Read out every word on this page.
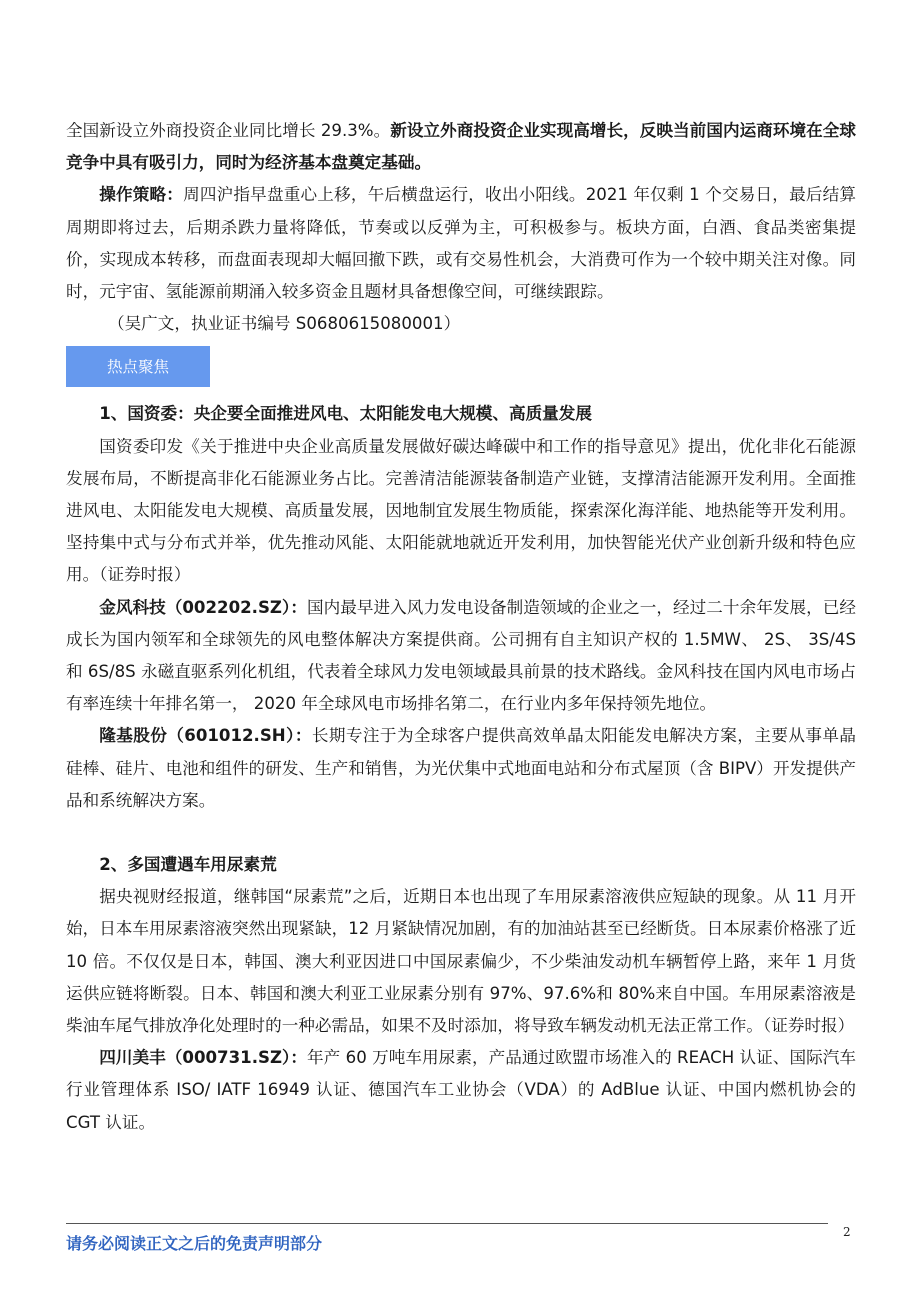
全国新设立外商投资企业同比增长 29.3%。新设立外商投资企业实现高增长，反映当前国内运商环境在全球竞争中具有吸引力，同时为经济基本盘奠定基础。

操作策略：周四沪指早盘重心上移，午后横盘运行，收出小阳线。2021 年仅剩 1 个交易日，最后结算周期即将过去，后期杀跌力量将降低，节奏或以反弹为主，可积极参与。板块方面，白酒、食品类密集提价，实现成本转移，而盘面表现却大幅回撤下跌，或有交易性机会，大消费可作为一个较中期关注对像。同时，元宇宙、氢能源前期涌入较多资金且题材具备想像空间，可继续跟踪。

（吴广文，执业证书编号 S0680615080001）

热点聚焦

1、国资委：央企要全面推进风电、太阳能发电大规模、高质量发展

国资委印发《关于推进中央企业高质量发展做好碳达峰碳中和工作的指导意见》提出，优化非化石能源发展布局，不断提高非化石能源业务占比。完善清洁能源装备制造产业链，支撑清洁能源开发利用。全面推进风电、太阳能发电大规模、高质量发展，因地制宜发展生物质能，探索深化海洋能、地热能等开发利用。坚持集中式与分布式并举，优先推动风能、太阳能就地就近开发利用，加快智能光伏产业创新升级和特色应用。（证券时报）

金风科技（002202.SZ）：国内最早进入风力发电设备制造领域的企业之一，经过二十余年发展，已经成长为国内领军和全球领先的风电整体解决方案提供商。公司拥有自主知识产权的 1.5MW、 2S、 3S/4S 和 6S/8S 永磁直驱系列化机组，代表着全球风力发电领域最具前景的技术路线。金风科技在国内风电市场占有率连续十年排名第一， 2020 年全球风电市场排名第二，在行业内多年保持领先地位。

隆基股份（601012.SH）：长期专注于为全球客户提供高效单晶太阳能发电解决方案，主要从事单晶硅棒、硅片、电池和组件的研发、生产和销售，为光伏集中式地面电站和分布式屋顶（含 BIPV）开发提供产品和系统解决方案。

2、多国遭遇车用尿素荒

据央视财经报道，继韩国“尿素荒”之后，近期日本也出现了车用尿素溶液供应短缺的现象。从 11 月开始，日本车用尿素溶液突然出现紧缺，12 月紧缺情况加剧，有的加油站甚至已经断货。日本尿素价格涨了近 10 倍。不仅仅是日本，韩国、澳大利亚因进口中国尿素偏少，不少柴油发动机车辆暂停上路，来年 1 月货运供应链将断裂。日本、韩国和澳大利亚工业尿素分别有 97%、97.6%和 80%来自中国。车用尿素溶液是柴油车尾气排放净化处理时的一种必需品，如果不及时添加，将导致车辆发动机无法正常工作。（证券时报）

四川美丰（000731.SZ）：年产 60 万吨车用尿素，产品通过欧盟市场准入的 REACH 认证、国际汽车行业管理体系 ISO/ IATF 16949 认证、德国汽车工业协会（VDA）的 AdBlue 认证、中国内燃机协会的 CGT 认证。

请务必阅读正文之后的免责声明部分
2
